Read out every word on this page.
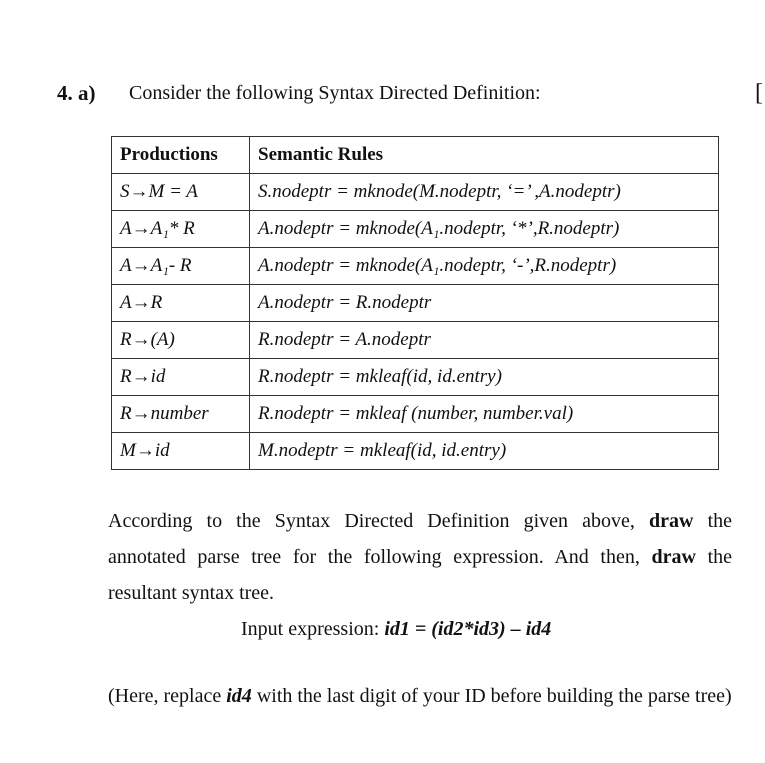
4. a) Consider the following Syntax Directed Definition:	[
Productions	Semantic Rules
S→M = A	S.nodeptr = mknode(M.nodeptr, ‘=’ ,A.nodeptr)
A→A₁* R	A.nodeptr = mknode(A₁.nodeptr, ‘*’,R.nodeptr)
A→A₁- R	A.nodeptr = mknode(A₁.nodeptr, ‘-’,R.nodeptr)
A→R	A.nodeptr = R.nodeptr
R→(A)	R.nodeptr = A.nodeptr
R→id	R.nodeptr = mkleaf(id, id.entry)
R→number	R.nodeptr = mkleaf (number, number.val)
M→id	M.nodeptr = mkleaf(id, id.entry)

According to the Syntax Directed Definition given above, draw the annotated parse tree for the following expression. And then, draw the resultant syntax tree.

Input expression: id1 = (id2*id3) – id4

(Here, replace id4 with the last digit of your ID before building the parse tree)
